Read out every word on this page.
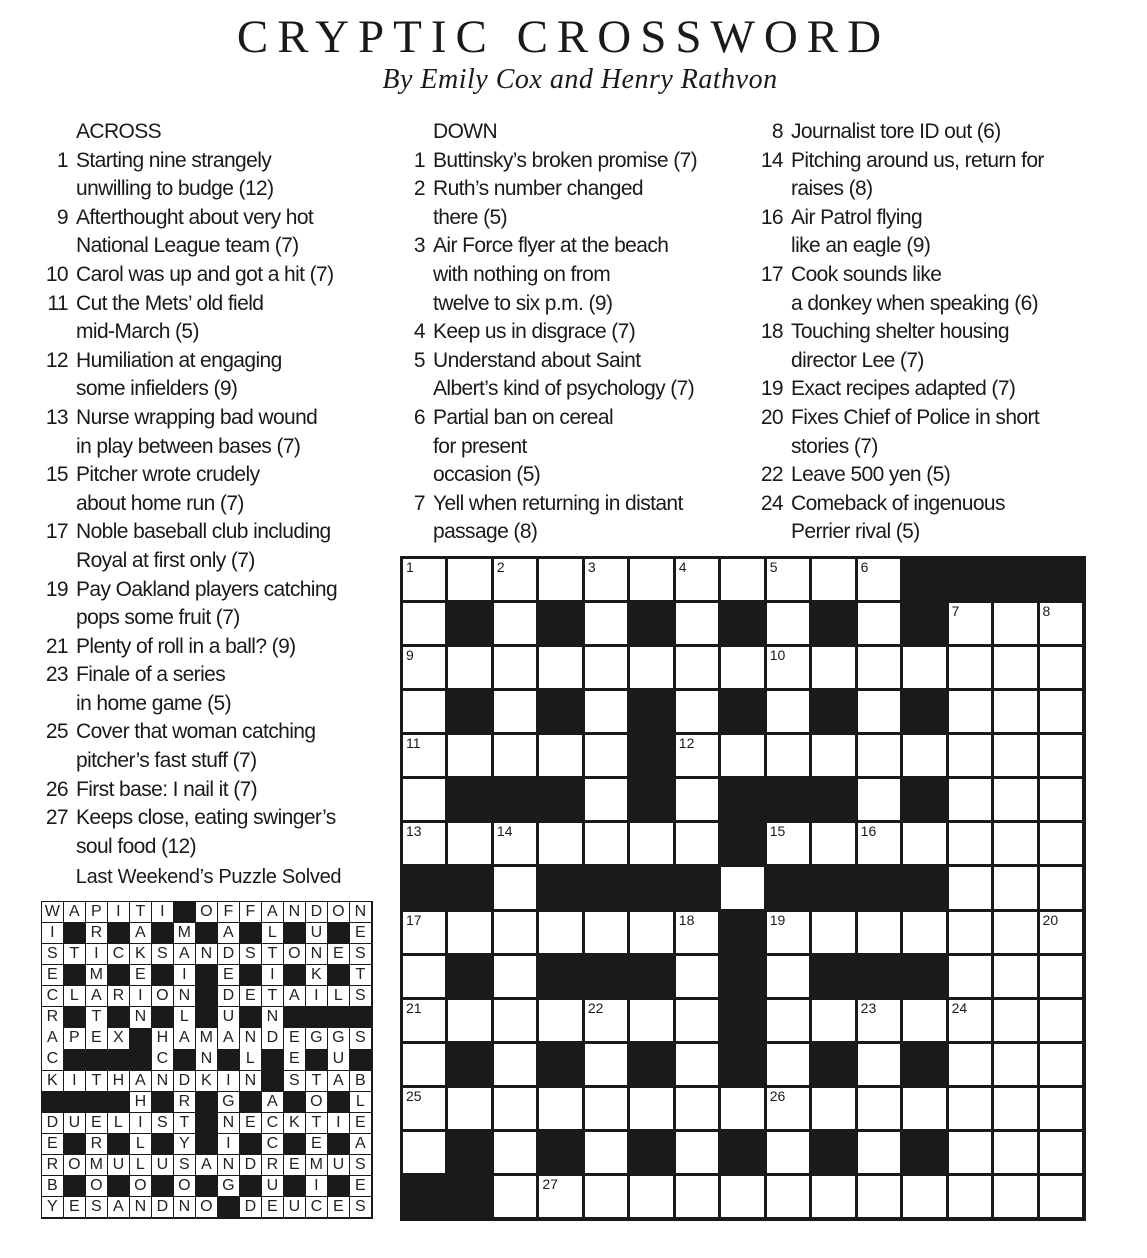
CRYPTIC CROSSWORD
By Emily Cox and Henry Rathvon
ACROSS
1 Starting nine strangely
unwilling to budge (12)
9 Afterthought about very hot
National League team (7)
10 Carol was up and got a hit (7)
11 Cut the Mets’ old field
mid-March (5)
12 Humiliation at engaging
some infielders (9)
13 Nurse wrapping bad wound
in play between bases (7)
15 Pitcher wrote crudely
about home run (7)
17 Noble baseball club including
Royal at first only (7)
19 Pay Oakland players catching
pops some fruit (7)
21 Plenty of roll in a ball? (9)
23 Finale of a series
in home game (5)
25 Cover that woman catching
pitcher’s fast stuff (7)
26 First base: I nail it (7)
27 Keeps close, eating swinger’s
soul food (12)
DOWN
1 Buttinsky’s broken promise (7)
2 Ruth’s number changed
there (5)
3 Air Force flyer at the beach
with nothing on from
twelve to six p.m. (9)
4 Keep us in disgrace (7)
5 Understand about Saint
Albert’s kind of psychology (7)
6 Partial ban on cereal
for present
occasion (5)
7 Yell when returning in distant
passage (8)
8 Journalist tore ID out (6)
14 Pitching around us, return for
raises (8)
16 Air Patrol flying
like an eagle (9)
17 Cook sounds like
a donkey when speaking (6)
18 Touching shelter housing
director Lee (7)
19 Exact recipes adapted (7)
20 Fixes Chief of Police in short
stories (7)
22 Leave 500 yen (5)
24 Comeback of ingenuous
Perrier rival (5)
Last Weekend’s Puzzle Solved
W A P I T I	O F F A N D O N
I	R	A	M	A	L	U	E
S T I C K S A N D S T O N E S
E	M	E	I	E	I	K	T
C L A R I O N D E T A I L S
R	T	N	L	U N
A P E X	H A M A N D E G G S
C	C N	L	E	U
K I T H A N D K I N	S T A B
H R G	A	O	L
D U E L I S T	N E C K T I E
E	R	L	Y	I	C	E	A
R O M U L U S A N D R E M U S
B	O O O G U	I	E
Y E S A N D N O D E U C E S
1	2	3	4	5	6
7	8
9	10
11	12
13	14	15	16
17	18	19	20
21	22	23	24
25	26
27
